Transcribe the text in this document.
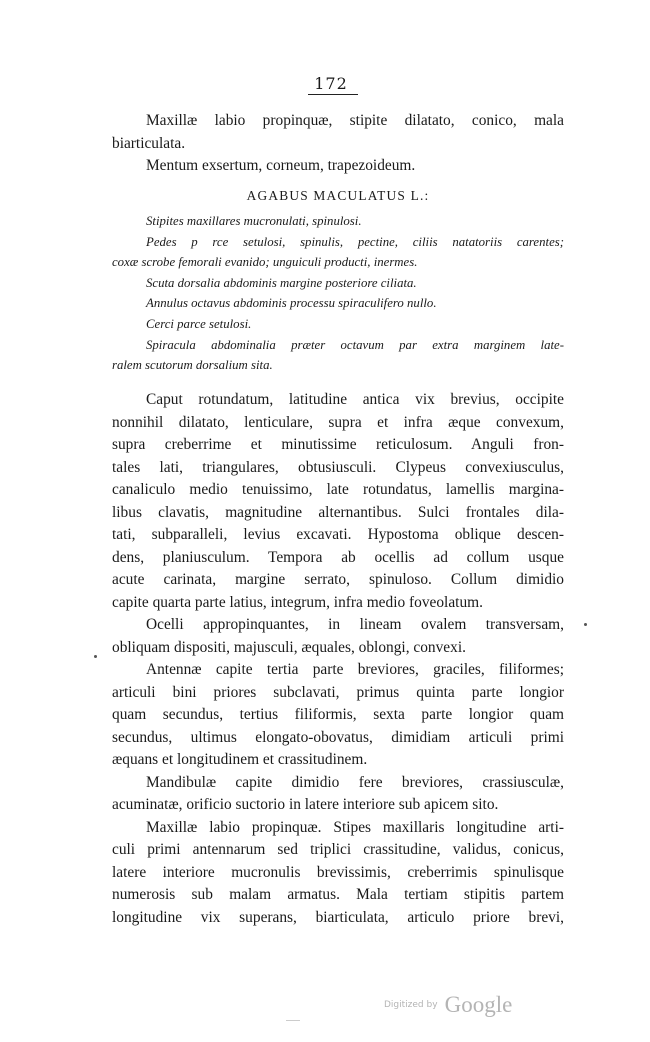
172
Maxillæ labio propinquæ, stipite dilatato, conico, mala
biarticulata.
Mentum exsertum, corneum, trapezoideum.
AGABUS MACULATUS L.:
Stipites maxillares mucronulati, spinulosi.
Pedes p rce setulosi, spinulis, pectine, ciliis natatoriis carentes;
coxæ scrobe femorali evanido; unguiculi producti, inermes.
Scuta dorsalia abdominis margine posteriore ciliata.
Annulus octavus abdominis processu spiraculifero nullo.
Cerci parce setulosi.
Spiracula abdominalia præter octavum par extra marginem late-
ralem scutorum dorsalium sita.
Caput rotundatum, latitudine antica vix brevius, occipite
nonnihil dilatato, lenticulare, supra et infra æque convexum,
supra creberrime et minutissime reticulosum. Anguli fron-
tales lati, triangulares, obtusiusculi. Clypeus convexiusculus,
canaliculo medio tenuissimo, late rotundatus, lamellis margina-
libus clavatis, magnitudine alternantibus. Sulci frontales dila-
tati, subparalleli, levius excavati. Hypostoma oblique descen-
dens, planiusculum. Tempora ab ocellis ad collum usque
acute carinata, margine serrato, spinuloso. Collum dimidio
capite quarta parte latius, integrum, infra medio foveolatum.
Ocelli appropinquantes, in lineam ovalem transversam,
obliquam dispositi, majusculi, æquales, oblongi, convexi.
Antennæ capite tertia parte breviores, graciles, filiformes;
articuli bini priores subclavati, primus quinta parte longior
quam secundus, tertius filiformis, sexta parte longior quam
secundus, ultimus elongato-obovatus, dimidiam articuli primi
æquans et longitudinem et crassitudinem.
Mandibulæ capite dimidio fere breviores, crassiusculæ,
acuminatæ, orificio suctorio in latere interiore sub apicem sito.
Maxillæ labio propinquæ. Stipes maxillaris longitudine arti-
culi primi antennarum sed triplici crassitudine, validus, conicus,
latere interiore mucronulis brevissimis, creberrimis spinulisque
numerosis sub malam armatus. Mala tertiam stipitis partem
longitudine vix superans, biarticulata, articulo priore brevi,
Digitized by Google
